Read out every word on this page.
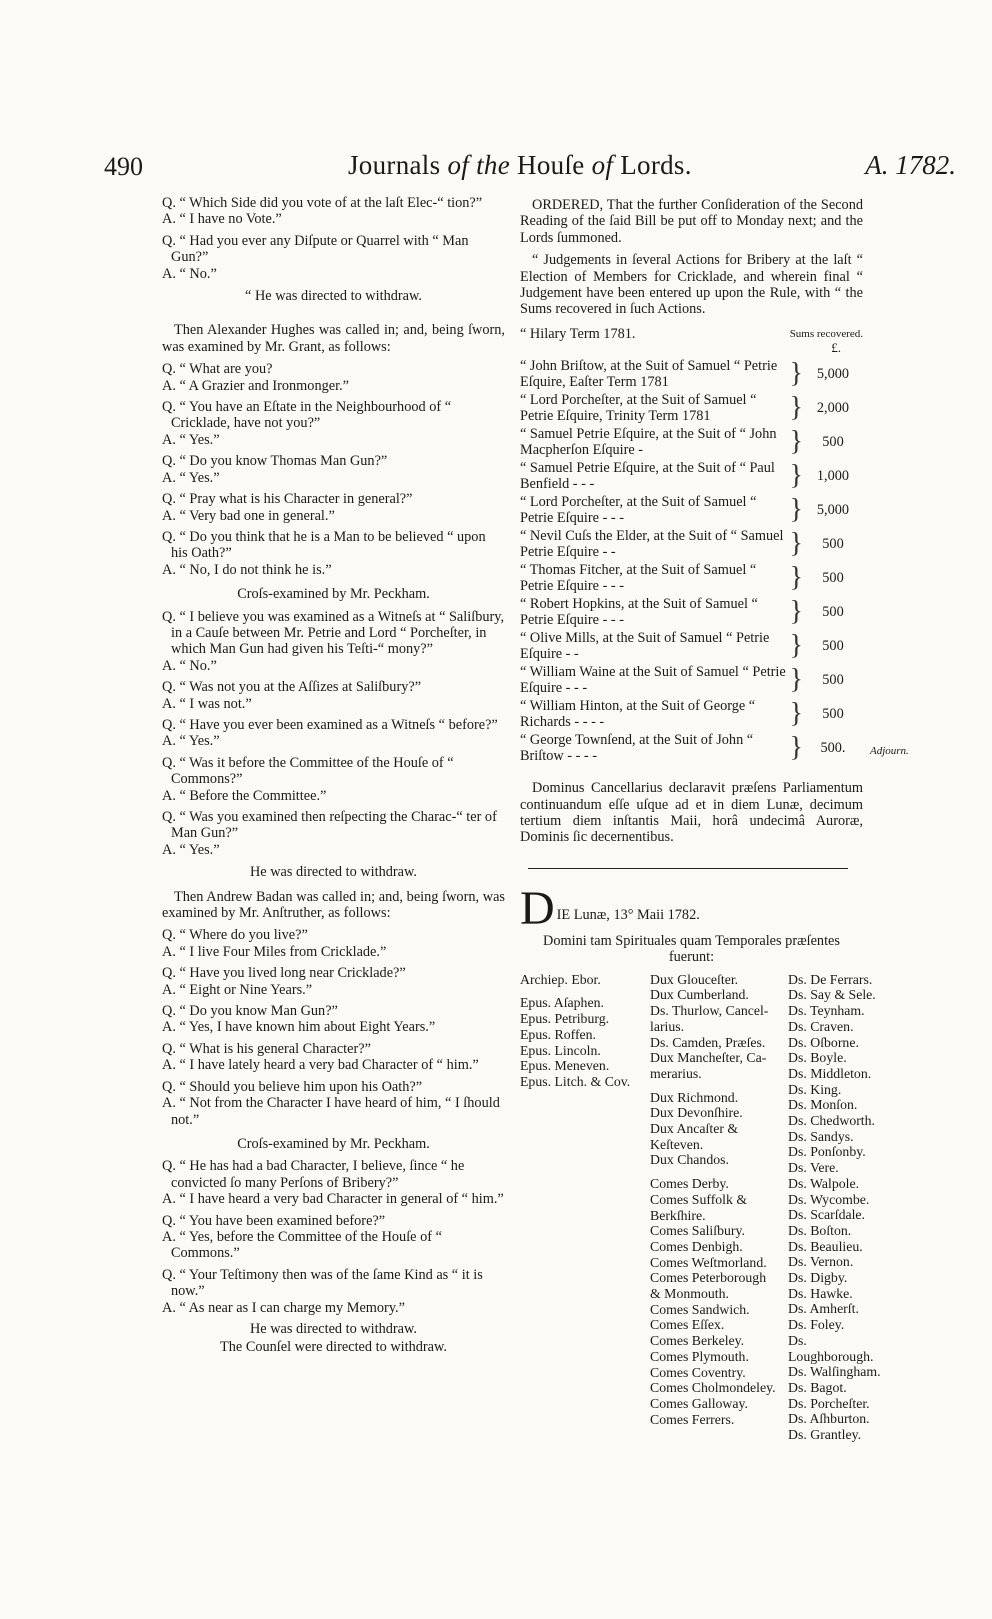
490	Journals of the Houſe of Lords.	A. 1782.

Q. “ Which Side did you vote of at the laſt Elec-“ tion?”

A. “ I have no Vote.”

Q. “ Had you ever any Diſpute or Quarrel with “ Man Gun?”

A. “ No.”

“ He was directed to withdraw.
Then Alexander Hughes was called in; and, being ſworn, was examined by Mr. Grant, as follows:

Q. “ What are you?

A. “ A Grazier and Ironmonger.”

Q. “ You have an Eſtate in the Neighbourhood of “ Cricklade, have not you?”

A. “ Yes.”

Q. “ Do you know Thomas Man Gun?”

A. “ Yes.”

Q. “ Pray what is his Character in general?”

A. “ Very bad one in general.”

Q. “ Do you think that he is a Man to be believed “ upon his Oath?”

A. “ No, I do not think he is.”

Croſs-examined by Mr. Peckham.

Q. “ I believe you was examined as a Witneſs at “ Saliſbury, in a Cauſe between Mr. Petrie and Lord “ Porcheſter, in which Man Gun had given his Teſti-“ mony?”

A. “ No.”

Q. “ Was not you at the Aſſizes at Saliſbury?”

A. “ I was not.”

Q. “ Have you ever been examined as a Witneſs “ before?”

A. “ Yes.”

Q. “ Was it before the Committee of the Houſe of “ Commons?”

A. “ Before the Committee.”

Q. “ Was you examined then reſpecting the Charac-“ ter of Man Gun?”

A. “ Yes.”

He was directed to withdraw.
Then Andrew Badan was called in; and, being ſworn, was examined by Mr. Anſtruther, as follows:

Q. “ Where do you live?”

A. “ I live Four Miles from Cricklade.”

Q. “ Have you lived long near Cricklade?”

A. “ Eight or Nine Years.”

Q. “ Do you know Man Gun?”

A. “ Yes, I have known him about Eight Years.”

Q. “ What is his general Character?”

A. “ I have lately heard a very bad Character of “ him.”

Q. “ Should you believe him upon his Oath?”

A. “ Not from the Character I have heard of him, “ I ſhould not.”

Croſs-examined by Mr. Peckham.

Q. “ He has had a bad Character, I believe, ſince “ he convicted ſo many Perſons of Bribery?”

A. “ I have heard a very bad Character in general of “ him.”

Q. “ You have been examined before?”

A. “ Yes, before the Committee of the Houſe of “ Commons.”

Q. “ Your Teſtimony then was of the ſame Kind as “ it is now.”

A. “ As near as I can charge my Memory.”

He was directed to withdraw.
The Counſel were directed to withdraw.
ORDERED, That the further Conſideration of the Second Reading of the ſaid Bill be put off to Monday next; and the Lords ſummoned.
“ Judgements in ſeveral Actions for Bribery at the laſt “ Election of Members for Cricklade, and wherein final “ Judgement have been entered up upon the Rule, with “ the Sums recovered in ſuch Actions.
“ Hilary Term 1781.	Sums recovered.
£.
“ John Briſtow, at the Suit of Samuel “ Petrie Eſquire, Eaſter Term 1781	}	5,000
“ Lord Porcheſter, at the Suit of Samuel “ Petrie Eſquire, Trinity Term 1781	}	2,000
“ Samuel Petrie Eſquire, at the Suit of “ John Macpherſon Eſquire -	}	500
“ Samuel Petrie Eſquire, at the Suit of “ Paul Benfield - - -	}	1,000
“ Lord Porcheſter, at the Suit of Samuel “ Petrie Eſquire - - -	}	5,000
“ Nevil Cuſs the Elder, at the Suit of “ Samuel Petrie Eſquire - -	}	500
“ Thomas Fitcher, at the Suit of Samuel “ Petrie Eſquire - - -	}	500
“ Robert Hopkins, at the Suit of Samuel “ Petrie Eſquire - - -	}	500
“ Olive Mills, at the Suit of Samuel “ Petrie Eſquire - -	}	500
“ William Waine at the Suit of Samuel “ Petrie Eſquire - - -	}	500
“ William Hinton, at the Suit of George “ Richards - - - -	}	500
“ George Townſend, at the Suit of John “ Briſtow - - - -	}	500.
Dominus Cancellarius declaravit præſens Parliamentum continuandum eſſe uſque ad et in diem Lunæ, decimum tertium diem inſtantis Maii, horâ undecimâ Auroræ, Dominis ſic decernentibus.
D IE Lunæ, 13° Maii 1782.
Domini tam Spirituales quam Temporales præſentes fuerunt:
Archiep. Ebor.
Epus. Aſaphen.
Epus. Petriburg.
Epus. Roffen.
Epus. Lincoln.
Epus. Meneven.
Epus. Litch. & Cov.
Dux Glouceſter.
Dux Cumberland.
Ds. Thurlow, Cancel-
larius.
Ds. Camden, Præſes.
Dux Mancheſter, Ca-
merarius.
Dux Richmond.
Dux Devonſhire.
Dux Ancaſter &
Keſteven.
Dux Chandos.
Comes Derby.
Comes Suffolk &
Berkſhire.
Comes Saliſbury.
Comes Denbigh.
Comes Weſtmorland.
Comes Peterborough
& Monmouth.
Comes Sandwich.
Comes Eſſex.
Comes Berkeley.
Comes Plymouth.
Comes Coventry.
Comes Cholmondeley.
Comes Galloway.
Comes Ferrers.
Ds. De Ferrars.
Ds. Say & Sele.
Ds. Teynham.
Ds. Craven.
Ds. Oſborne.
Ds. Boyle.
Ds. Middleton.
Ds. King.
Ds. Monſon.
Ds. Chedworth.
Ds. Sandys.
Ds. Ponſonby.
Ds. Vere.
Ds. Walpole.
Ds. Wycombe.
Ds. Scarſdale.
Ds. Boſton.
Ds. Beaulieu.
Ds. Vernon.
Ds. Digby.
Ds. Hawke.
Ds. Amherſt.
Ds. Foley.
Ds. Loughborough.
Ds. Walſingham.
Ds. Bagot.
Ds. Porcheſter.
Ds. Aſhburton.
Ds. Grantley.
Adjourn.
